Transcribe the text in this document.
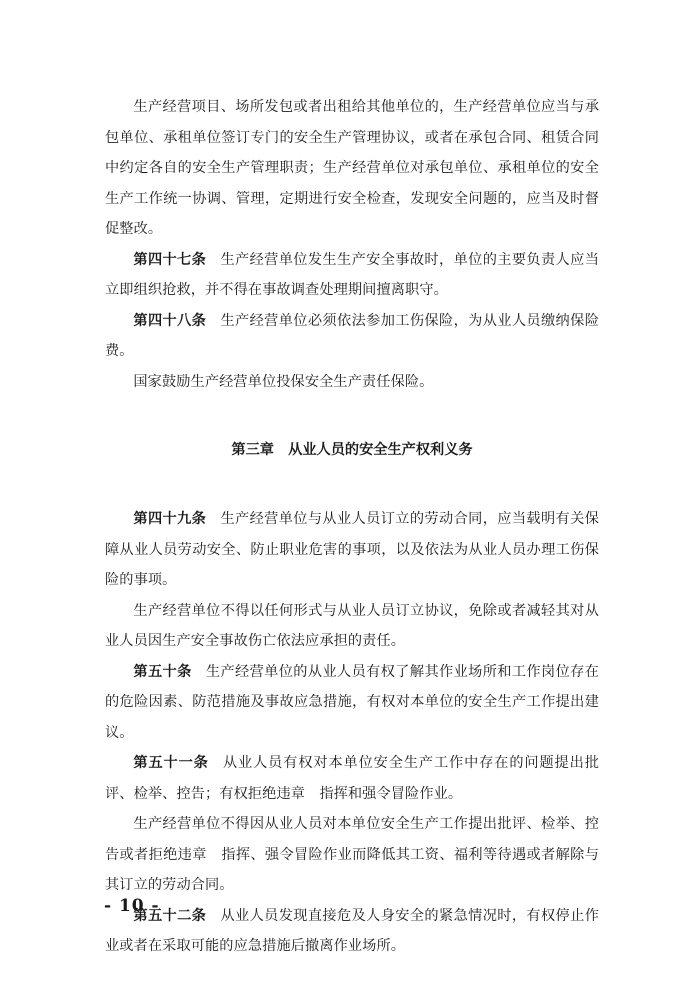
生产经营项目、场所发包或者出租给其他单位的，生产经营单位应当与承包单位、承租单位签订专门的安全生产管理协议，或者在承包合同、租赁合同中约定各自的安全生产管理职责；生产经营单位对承包单位、承租单位的安全生产工作统一协调、管理，定期进行安全检查，发现安全问题的，应当及时督促整改。

第四十七条 生产经营单位发生生产安全事故时，单位的主要负责人应当立即组织抢救，并不得在事故调查处理期间擅离职守。

第四十八条 生产经营单位必须依法参加工伤保险，为从业人员缴纳保险费。

国家鼓励生产经营单位投保安全生产责任保险。

第三章　从业人员的安全生产权利义务

第四十九条 生产经营单位与从业人员订立的劳动合同，应当载明有关保障从业人员劳动安全、防止职业危害的事项，以及依法为从业人员办理工伤保险的事项。

生产经营单位不得以任何形式与从业人员订立协议，免除或者减轻其对从业人员因生产安全事故伤亡依法应承担的责任。

第五十条 生产经营单位的从业人员有权了解其作业场所和工作岗位存在的危险因素、防范措施及事故应急措施，有权对本单位的安全生产工作提出建议。

第五十一条 从业人员有权对本单位安全生产工作中存在的问题提出批评、检举、控告；有权拒绝违章　指挥和强令冒险作业。

生产经营单位不得因从业人员对本单位安全生产工作提出批评、检举、控告或者拒绝违章　指挥、强令冒险作业而降低其工资、福利等待遇或者解除与其订立的劳动合同。

第五十二条 从业人员发现直接危及人身安全的紧急情况时，有权停止作业或者在采取可能的应急措施后撤离作业场所。

- 10 -
